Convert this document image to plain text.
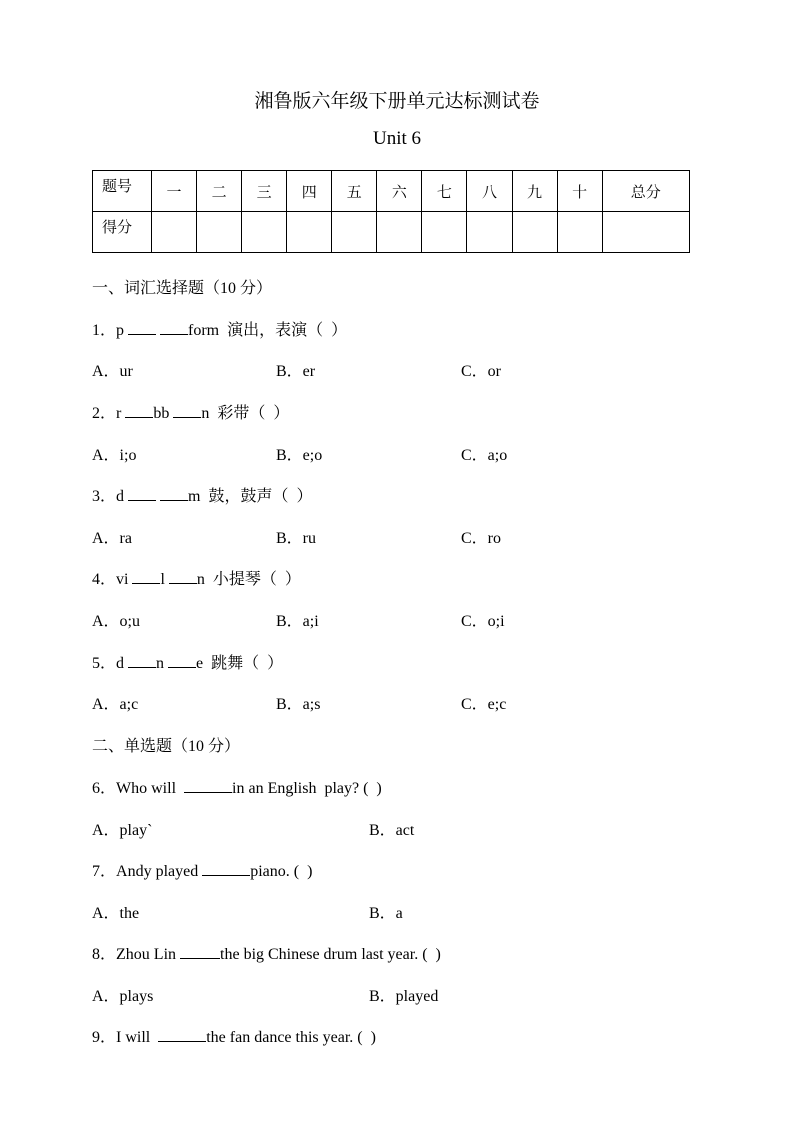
湘鲁版六年级下册单元达标测试卷
Unit 6
题号	一	二	三	四	五	六	七	八	九	十	总分
得分											
一、词汇选择题（10 分）
1．p	form  演出，表演（  ）
A．ur	B．er	C．or
2．r bb n  彩带（  ）
A．i;o	B．e;o	C．a;o
3．d	m  鼓，鼓声（  ）
A．ra	B．ru	C．ro
4．vi l n  小提琴（  ）
A．o;u	B．a;i	C．o;i
5．d n e  跳舞（  ）
A．a;c	B．a;s	C．e;c
二、单选题（10 分）
6．Who will	in an English  play? (  )
A．play`	B．act
7．Andy played	piano. (  )
A．the	B．a
8．Zhou Lin	the big Chinese drum last year. (  )
A．plays	B．played
9．I will	the fan dance this year. (  )
